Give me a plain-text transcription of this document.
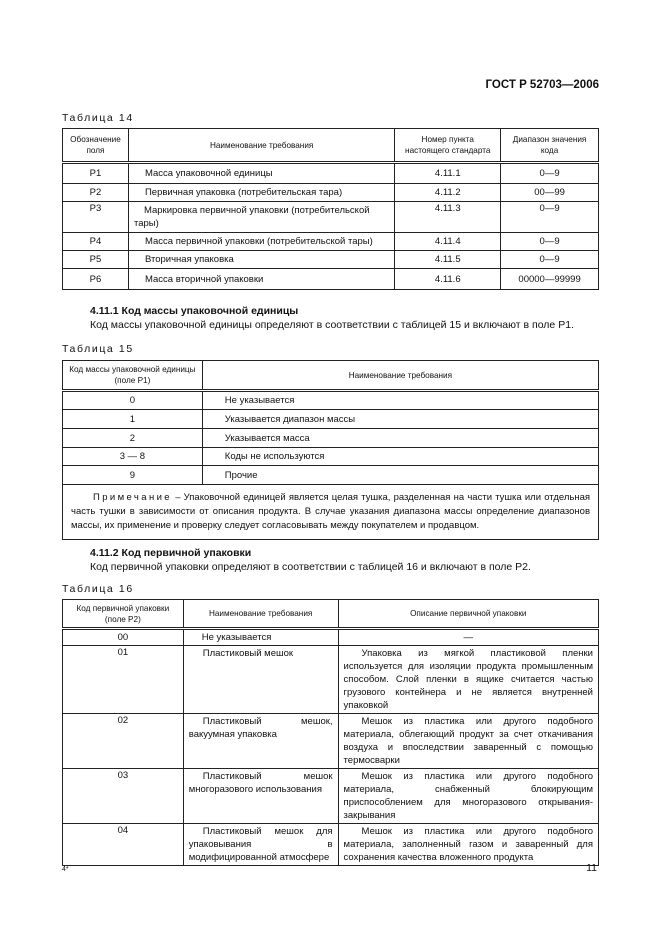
ГОСТ Р 52703—2006
Таблица 14
Обозначение поля	Наименование требования	Номер пункта настоящего стандарта	Диапазон значения кода
P1	Масса упаковочной единицы	4.11.1	0—9
P2	Первичная упаковка (потребительская тара)	4.11.2	00—99
P3	Маркировка первичной упаковки (потребительской тары)	4.11.3	0—9
P4	Масса первичной упаковки (потребительской тары)	4.11.4	0—9
P5	Вторичная упаковка	4.11.5	0—9
P6	Масса вторичной упаковки	4.11.6	00000—99999
4.11.1 Код массы упаковочной единицы
Код массы упаковочной единицы определяют в соответствии с таблицей 15 и включают в поле P1.
Таблица 15
Код массы упаковочной единицы (поле P1)	Наименование требования
0	Не указывается
1	Указывается диапазон массы
2	Указывается масса
3 — 8	Коды не используются
9	Прочие
Примечание – Упаковочной единицей является целая тушка, разделенная на части тушка или отдельная часть тушки в зависимости от описания продукта. В случае указания диапазона массы определение диапазонов массы, их применение и проверку следует согласовывать между покупателем и продавцом.	
4.11.2 Код первичной упаковки
Код первичной упаковки определяют в соответствии с таблицей 16 и включают в поле P2.
Таблица 16
Код первичной упаковки (поле P2)	Наименование требования	Описание первичной упаковки
00	Не указывается	—
01	Пластиковый мешок	Упаковка из мягкой пластиковой пленки используется для изоляции продукта промышленным способом. Слой пленки в ящике считается частью грузового контейнера и не является внутренней упаковкой
02	Пластиковый мешок, вакуумная упаковка	Мешок из пластика или другого подобного материала, облегающий продукт за счет откачивания воздуха и впоследствии заваренный с помощью термосварки
03	Пластиковый мешок многоразового использования	Мешок из пластика или другого подобного материала, снабженный блокирующим приспособлением для многоразового открывания-закрывания
04	Пластиковый мешок для упаковывания в модифицированной атмосфере	Мешок из пластика или другого подобного материала, заполненный газом и заваренный для сохранения качества вложенного продукта
4*	11
